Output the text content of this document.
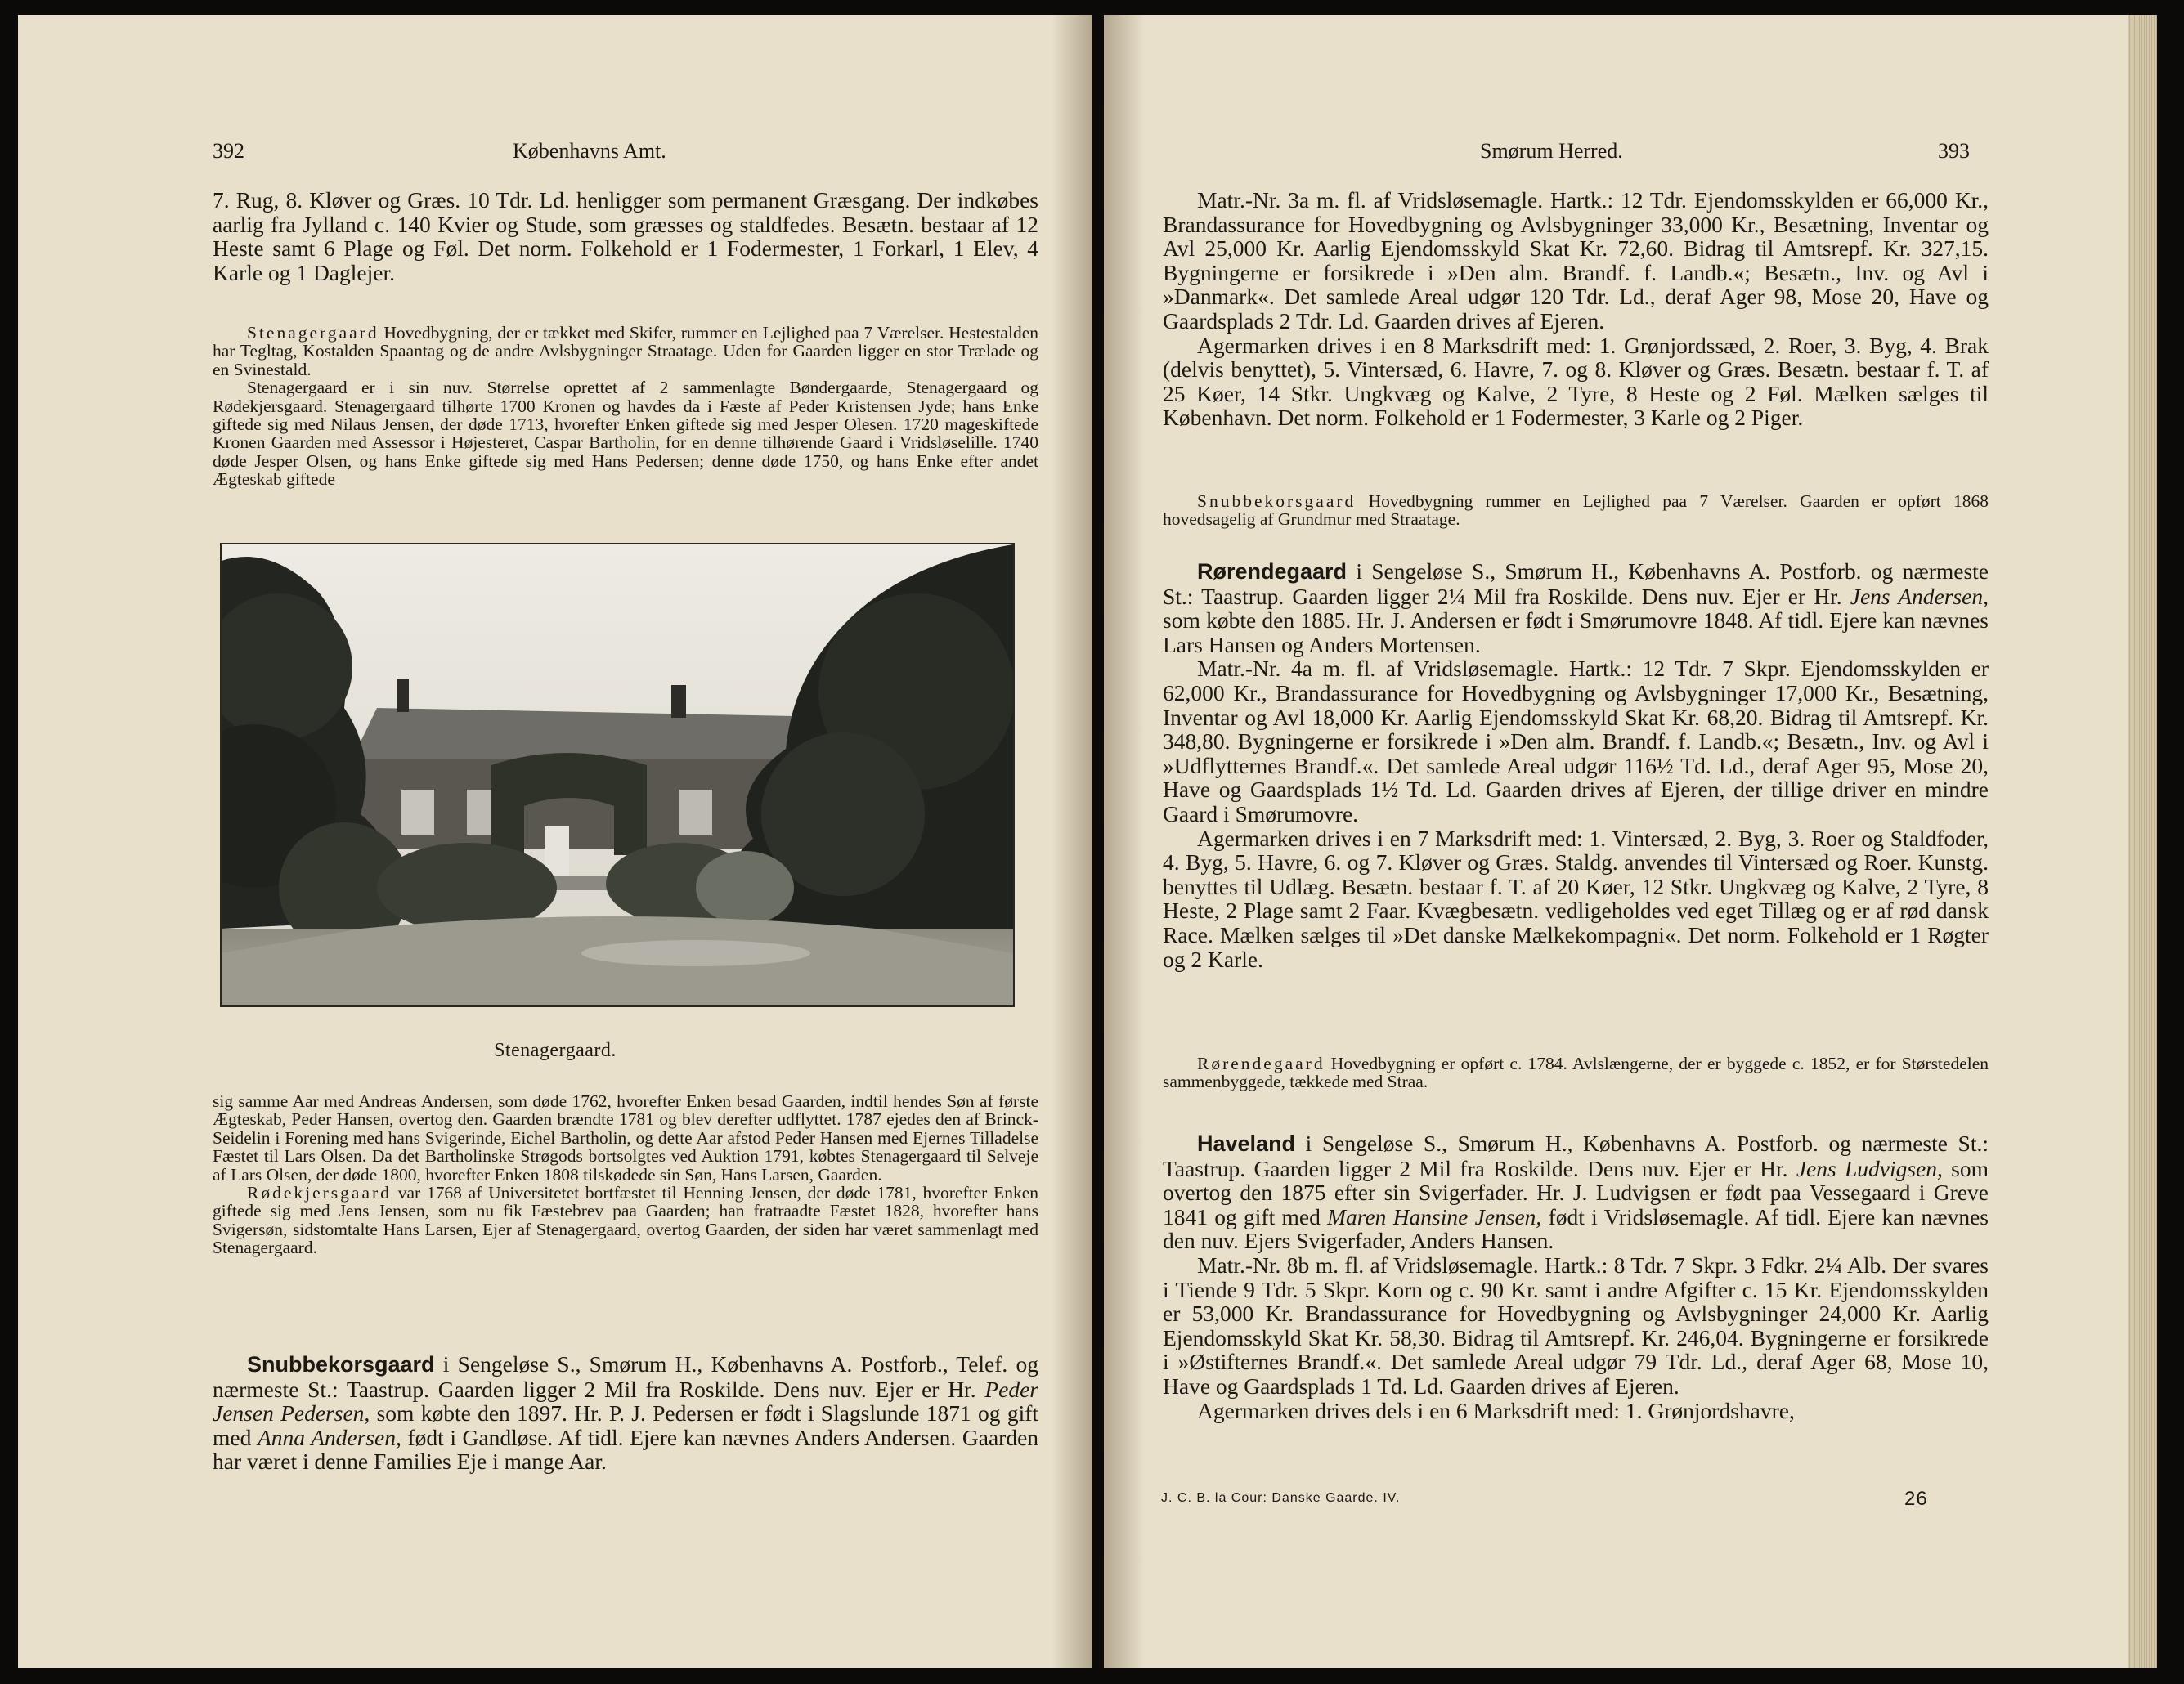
392	Københavns Amt.

7. Rug, 8. Kløver og Græs. 10 Tdr. Ld. henligger som permanent Græsgang. Der indkøbes aarlig fra Jylland c. 140 Kvier og Stude, som græsses og staldfedes. Besætn. bestaar af 12 Heste samt 6 Plage og Føl. Det norm. Folkehold er 1 Fodermester, 1 Forkarl, 1 Elev, 4 Karle og 1 Daglejer.

Stenagergaard Hovedbygning, der er tækket med Skifer, rummer en Lejlighed paa 7 Værelser. Hestestalden har Tegltag, Kostalden Spaantag og de andre Avlsbygninger Straatage. Uden for Gaarden ligger en stor Trælade og en Svinestald.

Stenagergaard er i sin nuv. Størrelse oprettet af 2 sammenlagte Bøndergaarde, Stenagergaard og Rødekjersgaard. Stenagergaard tilhørte 1700 Kronen og havdes da i Fæste af Peder Kristensen Jyde; hans Enke giftede sig med Nilaus Jensen, der døde 1713, hvorefter Enken giftede sig med Jesper Olesen. 1720 mageskiftede Kronen Gaarden med Assessor i Højesteret, Caspar Bartholin, for en denne tilhørende Gaard i Vridsløselille. 1740 døde Jesper Olsen, og hans Enke giftede sig med Hans Pedersen; denne døde 1750, og hans Enke efter andet Ægteskab giftede

Stenagergaard.

sig samme Aar med Andreas Andersen, som døde 1762, hvorefter Enken besad Gaarden, indtil hendes Søn af første Ægteskab, Peder Hansen, overtog den. Gaarden brændte 1781 og blev derefter udflyttet. 1787 ejedes den af Brinck-Seidelin i Forening med hans Svigerinde, Eichel Bartholin, og dette Aar afstod Peder Hansen med Ejernes Tilladelse Fæstet til Lars Olsen. Da det Bartholinske Strøgods bortsolgtes ved Auktion 1791, købtes Stenagergaard til Selveje af Lars Olsen, der døde 1800, hvorefter Enken 1808 tilskødede sin Søn, Hans Larsen, Gaarden.

Rødekjersgaard var 1768 af Universitetet bortfæstet til Henning Jensen, der døde 1781, hvorefter Enken giftede sig med Jens Jensen, som nu fik Fæstebrev paa Gaarden; han fratraadte Fæstet 1828, hvorefter hans Svigersøn, sidstomtalte Hans Larsen, Ejer af Stenagergaard, overtog Gaarden, der siden har været sammenlagt med Stenagergaard.

Snubbekorsgaard i Sengeløse S., Smørum H., Københavns A. Postforb., Telef. og nærmeste St.: Taastrup. Gaarden ligger 2 Mil fra Roskilde. Dens nuv. Ejer er Hr. Peder Jensen Pedersen, som købte den 1897. Hr. P. J. Pedersen er født i Slagslunde 1871 og gift med Anna Andersen, født i Gandløse. Af tidl. Ejere kan nævnes Anders Andersen. Gaarden har været i denne Families Eje i mange Aar.

Smørum Herred.	393

Matr.-Nr. 3a m. fl. af Vridsløsemagle. Hartk.: 12 Tdr. Ejendomsskylden er 66,000 Kr., Brandassurance for Hovedbygning og Avlsbygninger 33,000 Kr., Besætning, Inventar og Avl 25,000 Kr. Aarlig Ejendomsskyld Skat Kr. 72,60. Bidrag til Amtsrepf. Kr. 327,15. Bygningerne er forsikrede i »Den alm. Brandf. f. Landb.«; Besætn., Inv. og Avl i »Danmark«. Det samlede Areal udgør 120 Tdr. Ld., deraf Ager 98, Mose 20, Have og Gaardsplads 2 Tdr. Ld. Gaarden drives af Ejeren.

Agermarken drives i en 8 Marksdrift med: 1. Grønjordssæd, 2. Roer, 3. Byg, 4. Brak (delvis benyttet), 5. Vintersæd, 6. Havre, 7. og 8. Kløver og Græs. Besætn. bestaar f. T. af 25 Køer, 14 Stkr. Ungkvæg og Kalve, 2 Tyre, 8 Heste og 2 Føl. Mælken sælges til København. Det norm. Folkehold er 1 Fodermester, 3 Karle og 2 Piger.

Snubbekorsgaard Hovedbygning rummer en Lejlighed paa 7 Værelser. Gaarden er opført 1868 hovedsagelig af Grundmur med Straatage.

Rørendegaard i Sengeløse S., Smørum H., Københavns A. Postforb. og nærmeste St.: Taastrup. Gaarden ligger 2¼ Mil fra Roskilde. Dens nuv. Ejer er Hr. Jens Andersen, som købte den 1885. Hr. J. Andersen er født i Smørumovre 1848. Af tidl. Ejere kan nævnes Lars Hansen og Anders Mortensen.

Matr.-Nr. 4a m. fl. af Vridsløsemagle. Hartk.: 12 Tdr. 7 Skpr. Ejendomsskylden er 62,000 Kr., Brandassurance for Hovedbygning og Avlsbygninger 17,000 Kr., Besætning, Inventar og Avl 18,000 Kr. Aarlig Ejendomsskyld Skat Kr. 68,20. Bidrag til Amtsrepf. Kr. 348,80. Bygningerne er forsikrede i »Den alm. Brandf. f. Landb.«; Besætn., Inv. og Avl i »Udflytternes Brandf.«. Det samlede Areal udgør 116½ Td. Ld., deraf Ager 95, Mose 20, Have og Gaardsplads 1½ Td. Ld. Gaarden drives af Ejeren, der tillige driver en mindre Gaard i Smørumovre.

Agermarken drives i en 7 Marksdrift med: 1. Vintersæd, 2. Byg, 3. Roer og Staldfoder, 4. Byg, 5. Havre, 6. og 7. Kløver og Græs. Staldg. anvendes til Vintersæd og Roer. Kunstg. benyttes til Udlæg. Besætn. bestaar f. T. af 20 Køer, 12 Stkr. Ungkvæg og Kalve, 2 Tyre, 8 Heste, 2 Plage samt 2 Faar. Kvægbesætn. vedligeholdes ved eget Tillæg og er af rød dansk Race. Mælken sælges til »Det danske Mælkekompagni«. Det norm. Folkehold er 1 Røgter og 2 Karle.

Rørendegaard Hovedbygning er opført c. 1784. Avlslængerne, der er byggede c. 1852, er for Størstedelen sammenbyggede, tækkede med Straa.

Haveland i Sengeløse S., Smørum H., Københavns A. Postforb. og nærmeste St.: Taastrup. Gaarden ligger 2 Mil fra Roskilde. Dens nuv. Ejer er Hr. Jens Ludvigsen, som overtog den 1875 efter sin Svigerfader. Hr. J. Ludvigsen er født paa Vessegaard i Greve 1841 og gift med Maren Hansine Jensen, født i Vridsløsemagle. Af tidl. Ejere kan nævnes den nuv. Ejers Svigerfader, Anders Hansen.

Matr.-Nr. 8b m. fl. af Vridsløsemagle. Hartk.: 8 Tdr. 7 Skpr. 3 Fdkr. 2¼ Alb. Der svares i Tiende 9 Tdr. 5 Skpr. Korn og c. 90 Kr. samt i andre Afgifter c. 15 Kr. Ejendomsskylden er 53,000 Kr. Brandassurance for Hovedbygning og Avlsbygninger 24,000 Kr. Aarlig Ejendomsskyld Skat Kr. 58,30. Bidrag til Amtsrepf. Kr. 246,04. Bygningerne er forsikrede i »Østifternes Brandf.«. Det samlede Areal udgør 79 Tdr. Ld., deraf Ager 68, Mose 10, Have og Gaardsplads 1 Td. Ld. Gaarden drives af Ejeren.

Agermarken drives dels i en 6 Marksdrift med: 1. Grønjordshavre,

J. C. B. la Cour: Danske Gaarde. IV.	26
